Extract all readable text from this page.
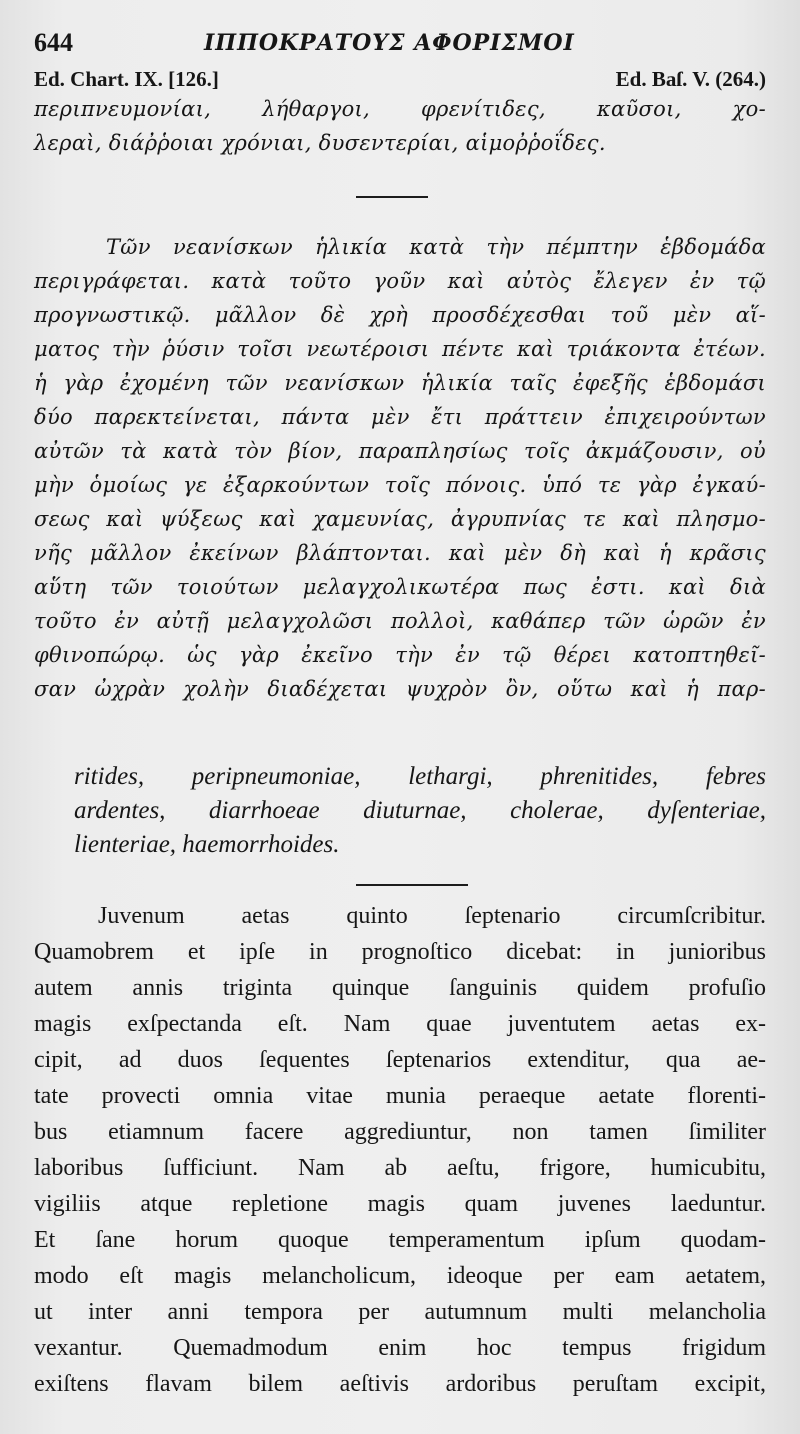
644	ΙΠΠΟΚΡΑΤΟΥΣ ΑΦΟΡΙΣΜΟΙ
Ed. Chart. IX. [126.]	Ed. Baſ. V. (264.)
περιπνευμονίαι, λήθαργοι, φρενίτιδες, καῦσοι, χο-
λεραὶ, διάῤῥοιαι χρόνιαι, δυσεντερίαι, αἱμοῤῥοΐδες.
Τῶν νεανίσκων ἡλικία κατὰ τὴν πέμπτην ἑβδομάδα
περιγράφεται. κατὰ τοῦτο γοῦν καὶ αὐτὸς ἔλεγεν ἐν τῷ
προγνωστικῷ. μᾶλλον δὲ χρὴ προσδέχεσθαι τοῦ μὲν αἵ-
ματος τὴν ῥύσιν τοῖσι νεωτέροισι πέντε καὶ τριάκοντα ἐτέων.
ἡ γὰρ ἐχομένη τῶν νεανίσκων ἡλικία ταῖς ἐφεξῆς ἑβδομάσι
δύο παρεκτείνεται, πάντα μὲν ἔτι πράττειν ἐπιχειρούντων
αὐτῶν τὰ κατὰ τὸν βίον, παραπλησίως τοῖς ἀκμάζουσιν, οὐ
μὴν ὁμοίως γε ἐξαρκούντων τοῖς πόνοις. ὑπό τε γὰρ ἐγκαύ-
σεως καὶ ψύξεως καὶ χαμευνίας, ἀγρυπνίας τε καὶ πλησμο-
νῆς μᾶλλον ἐκείνων βλάπτονται. καὶ μὲν δὴ καὶ ἡ κρᾶσις
αὕτη τῶν τοιούτων μελαγχολικωτέρα πως ἐστι. καὶ διὰ
τοῦτο ἐν αὐτῇ μελαγχολῶσι πολλοὶ, καθάπερ τῶν ὡρῶν ἐν
φθινοπώρῳ. ὡς γὰρ ἐκεῖνο τὴν ἐν τῷ θέρει κατοπτηθεῖ-
σαν ὠχρὰν χολὴν διαδέχεται ψυχρὸν ὂν, οὕτω καὶ ἡ παρ-
ritides, peripneumoniae, lethargi, phrenitides, febres
ardentes, diarrhoeae diuturnae, cholerae, dyſenteriae,
lienteriae, haemorrhoides.
Juvenum aetas quinto ſeptenario circumſcribitur.
Quamobrem et ipſe in prognoſtico dicebat: in junioribus
autem annis triginta quinque ſanguinis quidem profuſio
magis exſpectanda eſt. Nam quae juventutem aetas ex-
cipit, ad duos ſequentes ſeptenarios extenditur, qua ae-
tate provecti omnia vitae munia peraeque aetate florenti-
bus etiamnum facere aggrediuntur, non tamen ſimiliter
laboribus ſufficiunt. Nam ab aeſtu, frigore, humicubitu,
vigiliis atque repletione magis quam juvenes laeduntur.
Et ſane horum quoque temperamentum ipſum quodam-
modo eſt magis melancholicum, ideoque per eam aetatem,
ut inter anni tempora per autumnum multi melancholia
vexantur. Quemadmodum enim hoc tempus frigidum
exiſtens flavam bilem aeſtivis ardoribus peruſtam excipit,
